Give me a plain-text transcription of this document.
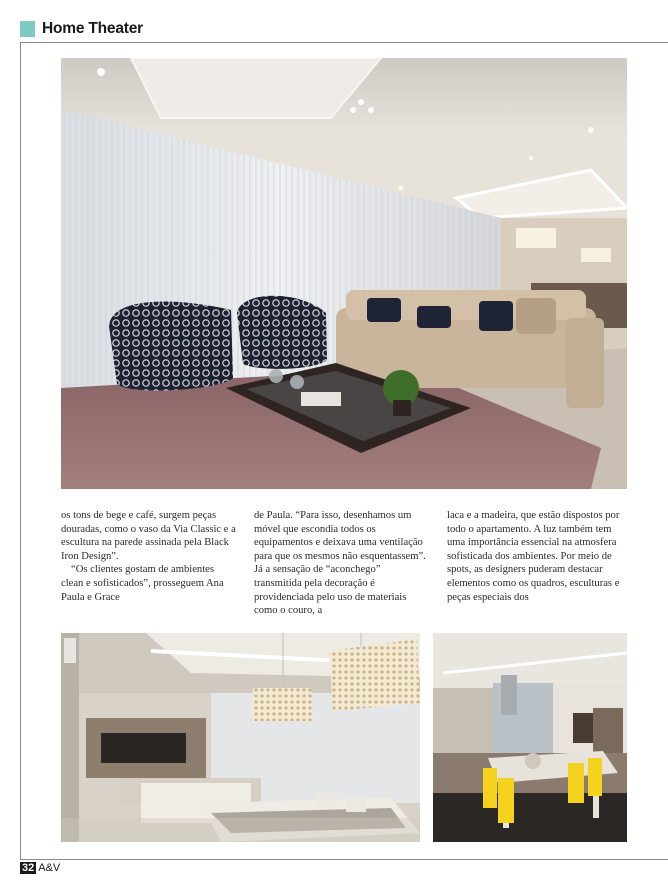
Home Theater

os tons de bege e café, surgem peças douradas, como o vaso da Via Classic e a escultura na parede assinada pela Black Iron Design”.

“Os clientes gostam de ambientes clean e sofisticados”, prosseguem Ana Paula e Grace

de Paula. “Para isso, desenhamos um móvel que escondia todos os equipamentos e deixava uma ventilação para que os mesmos não esquentassem”. Já a sensação de “aconchego” transmitida pela decoração é providenciada pelo uso de materiais como o couro, a

laca e a madeira, que estão dispostos por todo o apartamento. A luz também tem uma importância essencial na atmosfera sofisticada dos ambientes. Por meio de spots, as designers puderam destacar elementos como os quadros, esculturas e peças especiais dos

32 A&V
